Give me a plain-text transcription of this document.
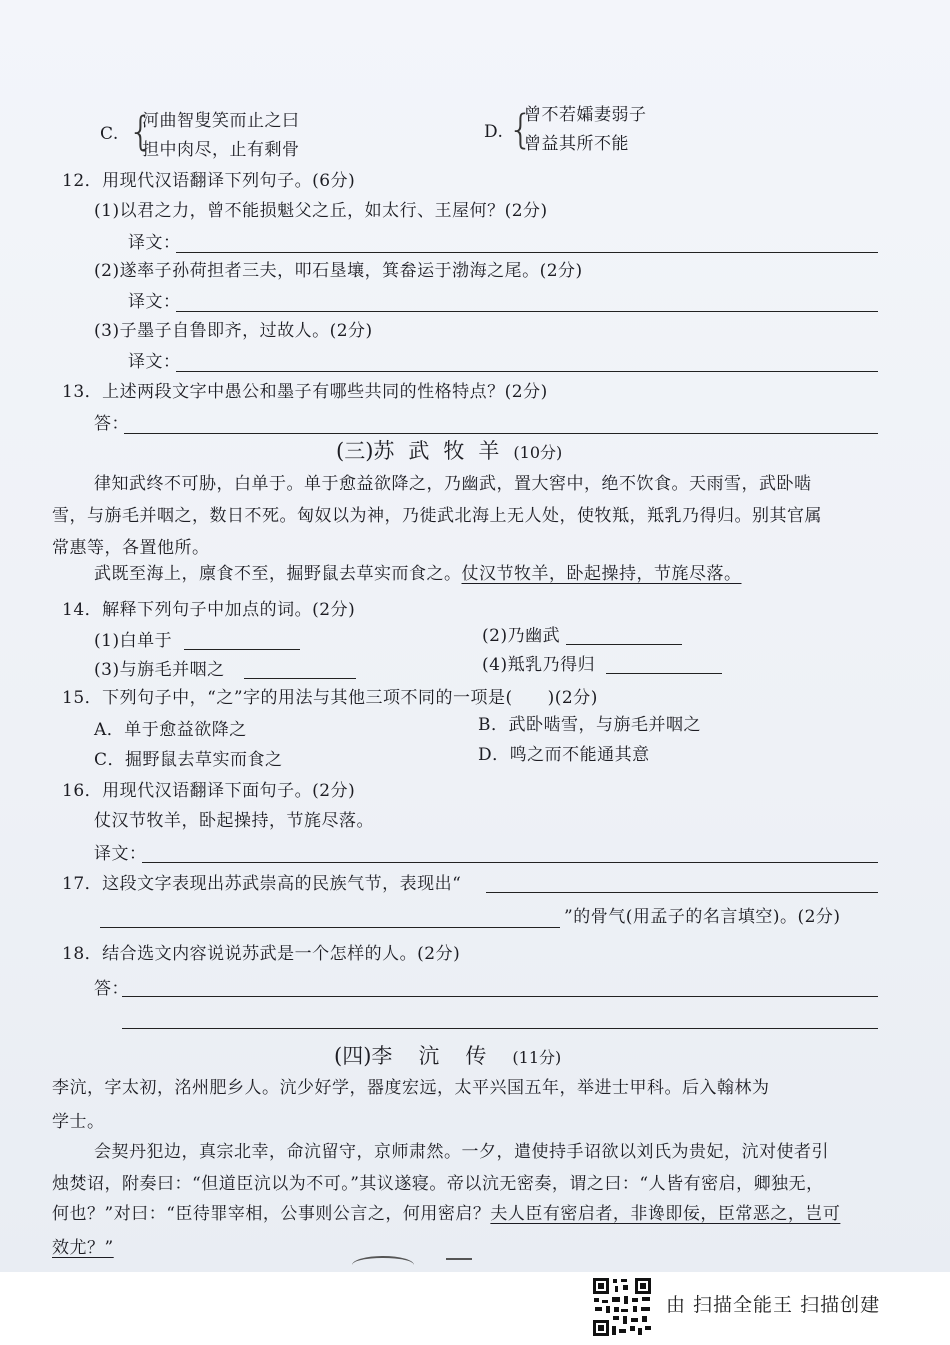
C. {
河曲智叟笑而止之曰
担中肉尽，止有剩骨
D. {
曾不若孀妻弱子
曾益其所不能
12．用现代汉语翻译下列句子。(6分)
(1)以君之力，曾不能损魁父之丘，如太行、王屋何？(2分)
译文：
(2)遂率子孙荷担者三夫，叩石垦壤，箕畚运于渤海之尾。(2分)
译文：
(3)子墨子自鲁即齐，过故人。(2分)
译文：
13．上述两段文字中愚公和墨子有哪些共同的性格特点？(2分)
答：
(三)苏武牧羊(10分)
律知武终不可胁，白单于。单于愈益欲降之，乃幽武，置大窖中，绝不饮食。天雨雪，武卧啮
雪，与旃毛并咽之，数日不死。匈奴以为神，乃徙武北海上无人处，使牧羝，羝乳乃得归。别其官属
常惠等，各置他所。
武既至海上，廪食不至，掘野鼠去草实而食之。仗汉节牧羊，卧起操持，节旄尽落。
14．解释下列句子中加点的词。(2分)
(1)白单于	(2)乃幽武
(3)与旃毛并咽之	(4)羝乳乃得归
15．下列句子中，“之”字的用法与其他三项不同的一项是(　　)(2分)
A．单于愈益欲降之	B．武卧啮雪，与旃毛并咽之
C．掘野鼠去草实而食之	D．鸣之而不能通其意
16．用现代汉语翻译下面句子。(2分)
仗汉节牧羊，卧起操持，节旄尽落。
译文：
17．这段文字表现出苏武崇高的民族气节，表现出“
”的骨气(用孟子的名言填空)。(2分)
18．结合选文内容说说苏武是一个怎样的人。(2分)
答：
(四)李沆传(11分)
李沆，字太初，洺州肥乡人。沆少好学，器度宏远，太平兴国五年，举进士甲科。后入翰林为
学士。
会契丹犯边，真宗北幸，命沆留守，京师肃然。一夕，遣使持手诏欲以刘氏为贵妃，沆对使者引
烛焚诏，附奏曰：“但道臣沆以为不可。”其议遂寝。帝以沆无密奏，谓之曰：“人皆有密启，卿独无，
何也？”对曰：“臣待罪宰相，公事则公言之，何用密启？夫人臣有密启者，非谗即佞，臣常恶之，岂可
效尤？”
由 扫描全能王 扫描创建
